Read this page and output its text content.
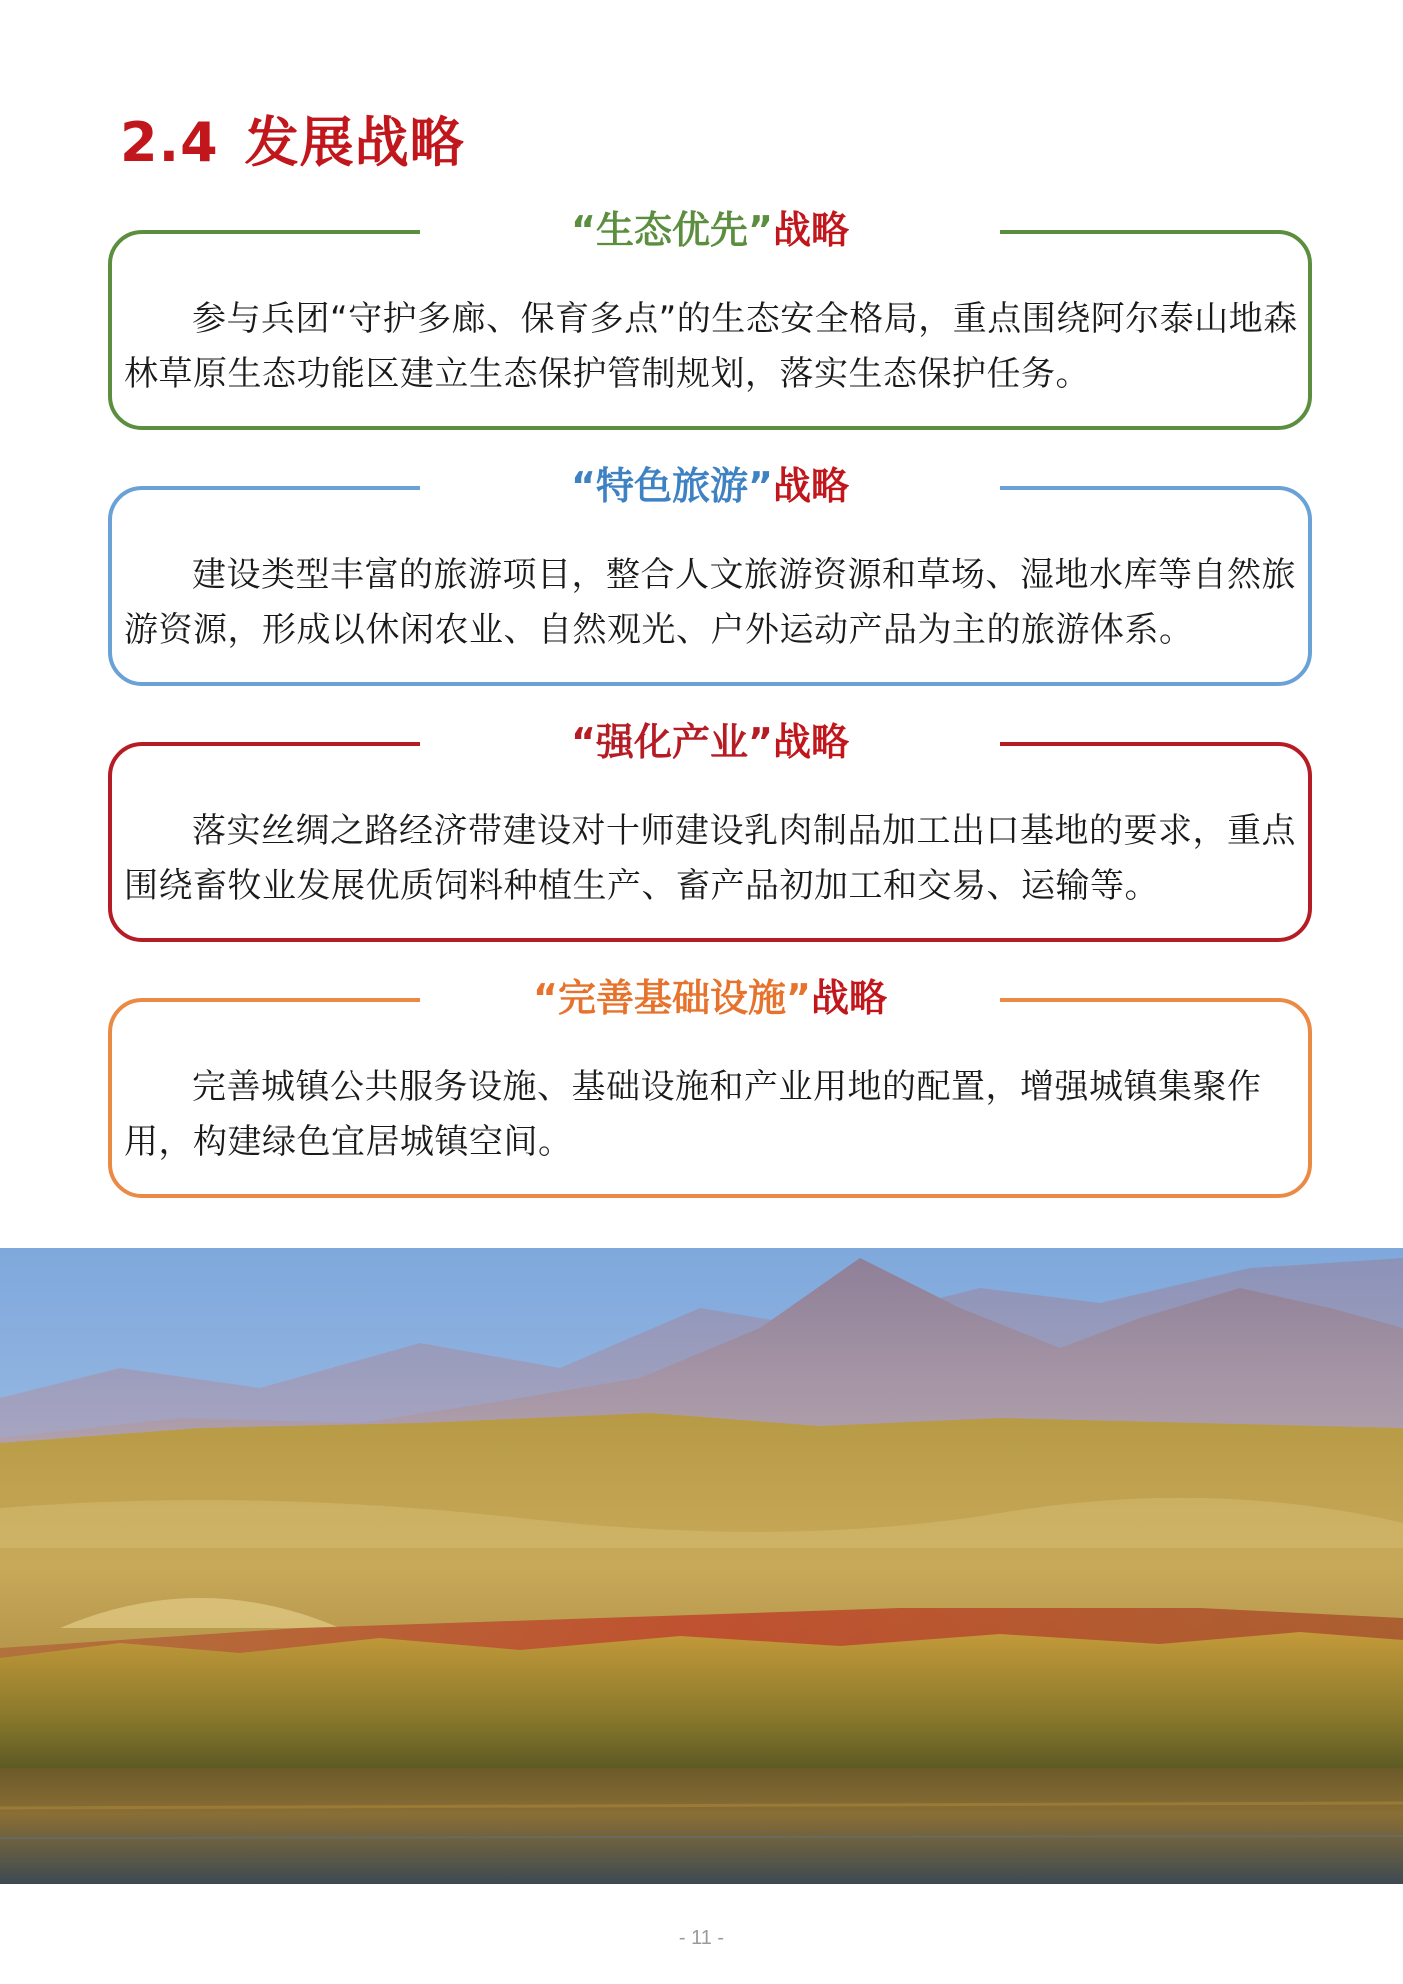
2.4 发展战略
“生态优先”战略

参与兵团“守护多廊、保育多点”的生态安全格局，重点围绕阿尔泰山地森林草原生态功能区建立生态保护管制规划，落实生态保护任务。

“特色旅游”战略

建设类型丰富的旅游项目，整合人文旅游资源和草场、湿地水库等自然旅游资源，形成以休闲农业、自然观光、户外运动产品为主的旅游体系。

“强化产业”战略

落实丝绸之路经济带建设对十师建设乳肉制品加工出口基地的要求，重点围绕畜牧业发展优质饲料种植生产、畜产品初加工和交易、运输等。

“完善基础设施”战略

完善城镇公共服务设施、基础设施和产业用地的配置，增强城镇集聚作用，构建绿色宜居城镇空间。

- 11 -
